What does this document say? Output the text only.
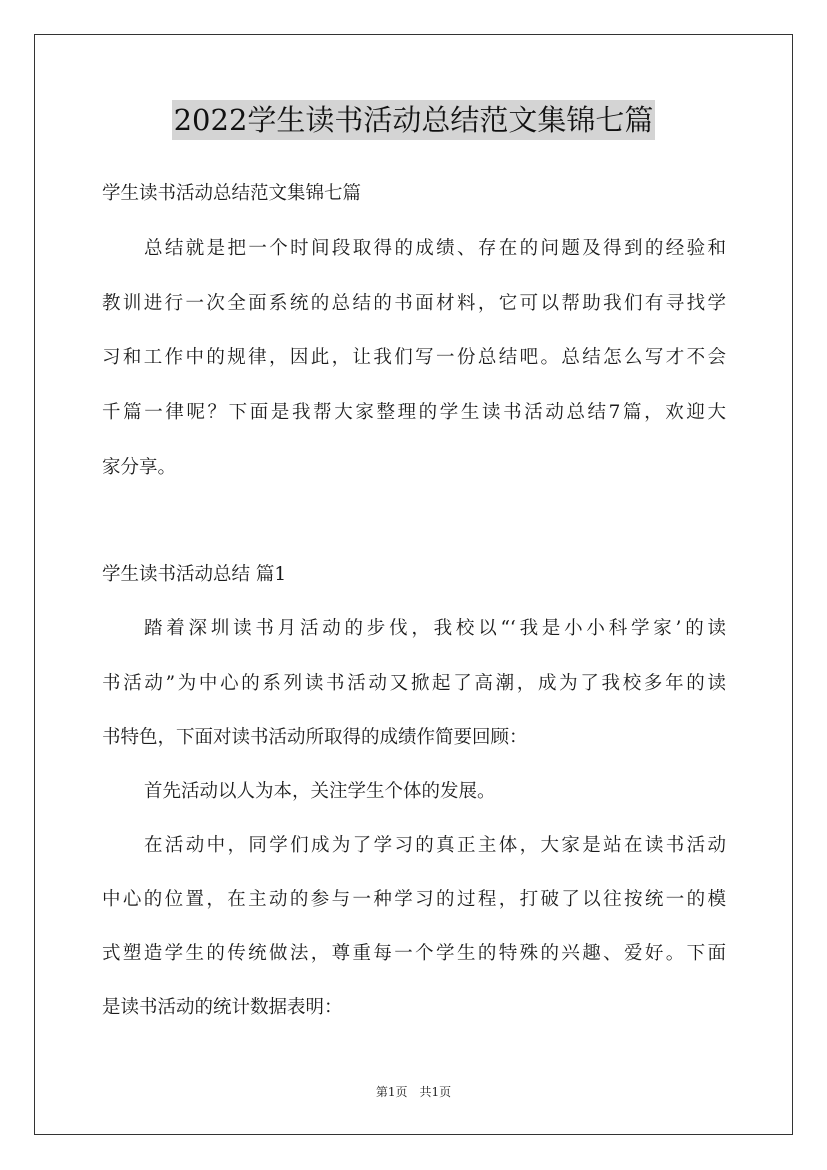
2022学生读书活动总结范文集锦七篇
学生读书活动总结范文集锦七篇
总结就是把一个时间段取得的成绩、存在的问题及得到的经验和
教训进行一次全面系统的总结的书面材料，它可以帮助我们有寻找学
习和工作中的规律，因此，让我们写一份总结吧。总结怎么写才不会
千篇一律呢？下面是我帮大家整理的学生读书活动总结7篇，欢迎大
家分享。
学生读书活动总结 篇1
踏着深圳读书月活动的步伐，我校以“‘我是小小科学家’的读
书活动”为中心的系列读书活动又掀起了高潮，成为了我校多年的读
书特色，下面对读书活动所取得的成绩作简要回顾：
首先活动以人为本，关注学生个体的发展。
在活动中，同学们成为了学习的真正主体，大家是站在读书活动
中心的位置，在主动的参与一种学习的过程，打破了以往按统一的模
式塑造学生的传统做法，尊重每一个学生的特殊的兴趣、爱好。下面
是读书活动的统计数据表明：
第1页　共1页
